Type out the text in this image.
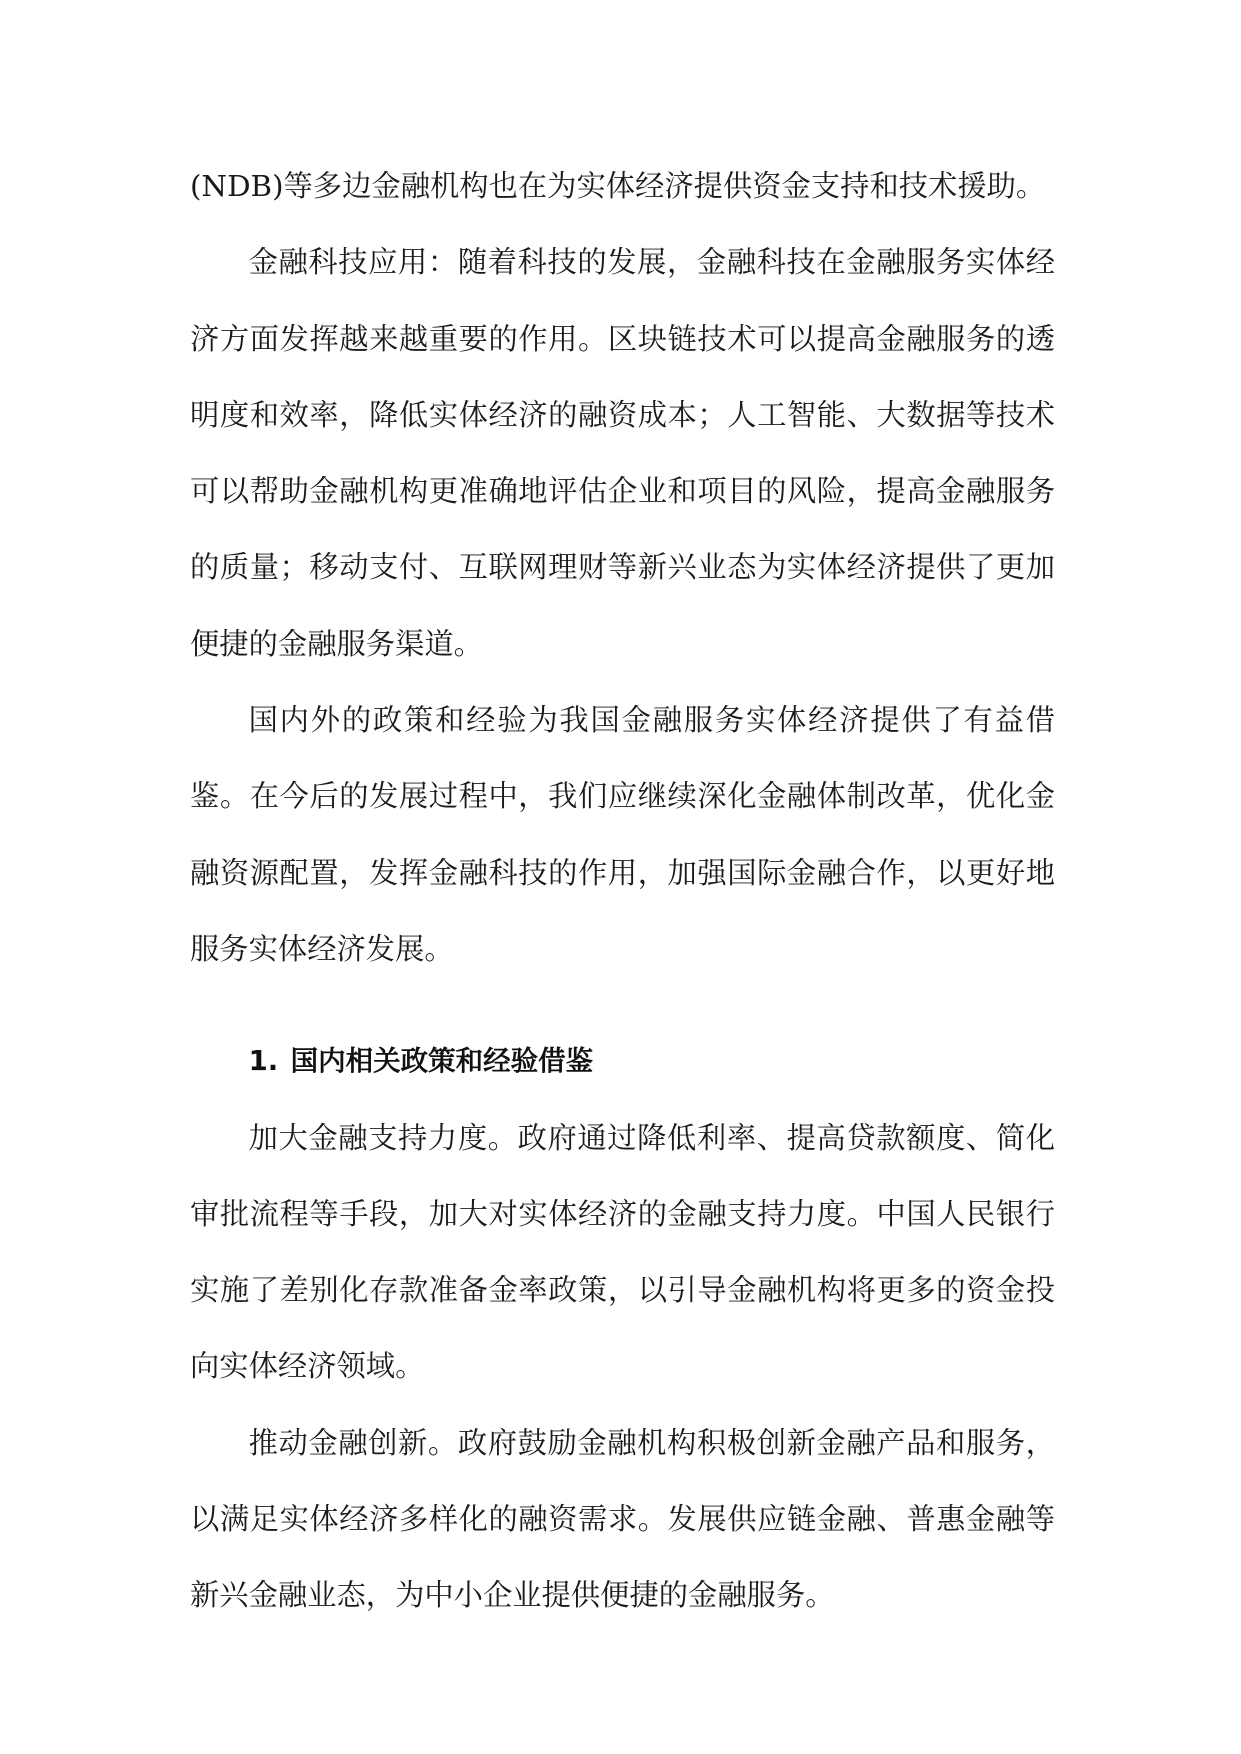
(NDB)等多边金融机构也在为实体经济提供资金支持和技术援助。

金融科技应用：随着科技的发展，金融科技在金融服务实体经济方面发挥越来越重要的作用。区块链技术可以提高金融服务的透明度和效率，降低实体经济的融资成本；人工智能、大数据等技术可以帮助金融机构更准确地评估企业和项目的风险，提高金融服务的质量；移动支付、互联网理财等新兴业态为实体经济提供了更加便捷的金融服务渠道。

国内外的政策和经验为我国金融服务实体经济提供了有益借鉴。在今后的发展过程中，我们应继续深化金融体制改革，优化金融资源配置，发挥金融科技的作用，加强国际金融合作，以更好地服务实体经济发展。

1. 国内相关政策和经验借鉴

加大金融支持力度。政府通过降低利率、提高贷款额度、简化审批流程等手段，加大对实体经济的金融支持力度。中国人民银行实施了差别化存款准备金率政策，以引导金融机构将更多的资金投向实体经济领域。

推动金融创新。政府鼓励金融机构积极创新金融产品和服务，以满足实体经济多样化的融资需求。发展供应链金融、普惠金融等新兴金融业态，为中小企业提供便捷的金融服务。
